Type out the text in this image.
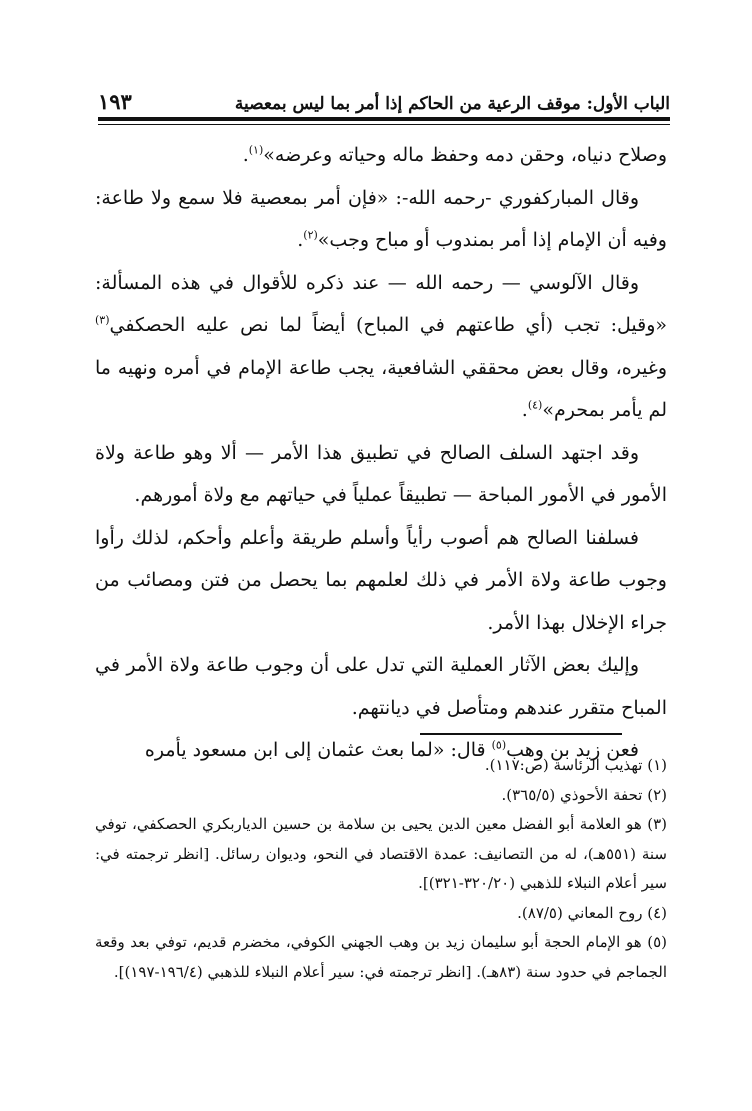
الباب الأول: موقف الرعية من الحاكم إذا أمر بما ليس بمعصية
١٩٣

وصلاح دنياه، وحقن دمه وحفظ ماله وحياته وعرضه»$^{(١)}$.

وقال المباركفوري -رحمه الله-: «فإن أمر بمعصية فلا سمع ولا طاعة: وفيه أن الإمام إذا أمر بمندوب أو مباح وجب»$^{(٢)}$.

وقال الآلوسي — رحمه الله — عند ذكره للأقوال في هذه المسألة: «وقيل: تجب (أي طاعتهم في المباح) أيضاً لما نص عليه الحصكفي$^{(٣)}$ وغيره، وقال بعض محققي الشافعية، يجب طاعة الإمام في أمره ونهيه ما لم يأمر بمحرم»$^{(٤)}$.

وقد اجتهد السلف الصالح في تطبيق هذا الأمر — ألا وهو طاعة ولاة الأمور في الأمور المباحة — تطبيقاً عملياً في حياتهم مع ولاة أمورهم.

فسلفنا الصالح هم أصوب رأياً وأسلم طريقة وأعلم وأحكم، لذلك رأوا وجوب طاعة ولاة الأمر في ذلك لعلمهم بما يحصل من فتن ومصائب من جراء الإخلال بهذا الأمر.

وإليك بعض الآثار العملية التي تدل على أن وجوب طاعة ولاة الأمر في المباح متقرر عندهم ومتأصل في ديانتهم.

فعن زيد بن وهب$^{(٥)}$ قال: «لما بعث عثمان إلى ابن مسعود يأمره

(١) تهذيب الرئاسة (ص:١١٧).

(٢) تحفة الأحوذي (٣٦٥/٥).

(٣) هو العلامة أبو الفضل معين الدين يحيى بن سلامة بن حسين الدياربكري الحصكفي، توفي سنة (٥٥١هـ)، له من التصانيف: عمدة الاقتصاد في النحو، وديوان رسائل. [انظر ترجمته في: سير أعلام النبلاء للذهبي (٣٢٠/٢٠-٣٢١)].

(٤) روح المعاني (٨٧/٥).

(٥) هو الإمام الحجة أبو سليمان زيد بن وهب الجهني الكوفي، مخضرم قديم، توفي بعد وقعة الجماجم في حدود سنة (٨٣هـ). [انظر ترجمته في: سير أعلام النبلاء للذهبي (١٩٦/٤-١٩٧)].
